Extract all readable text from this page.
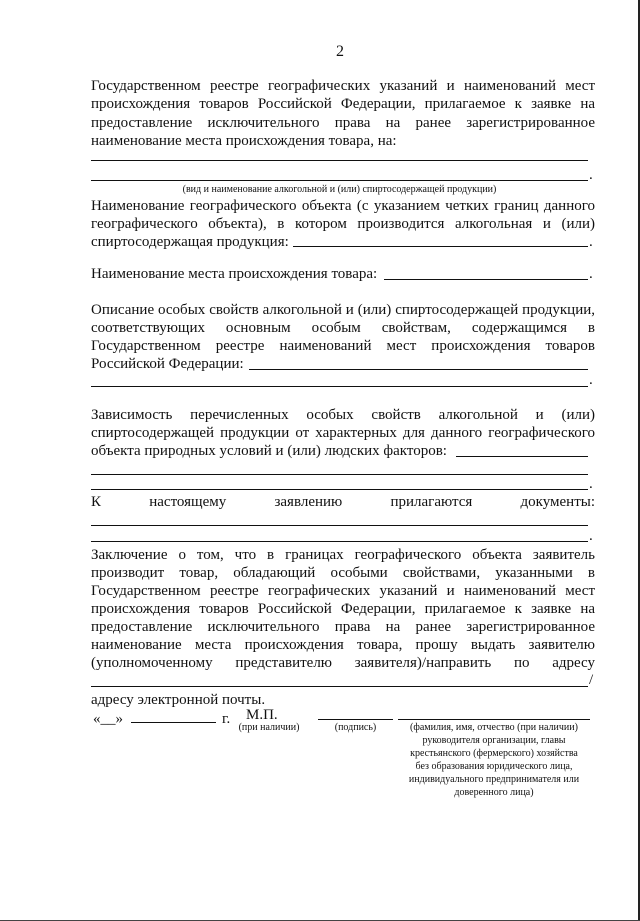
2
Государственном реестре географических указаний и наименований мест
происхождения товаров Российской Федерации, прилагаемое к заявке на
предоставление исключительного права на ранее зарегистрированное
наименование места происхождения товара, на:
.
(вид и наименование алкогольной и (или) спиртосодержащей продукции)
Наименование географического объекта (с указанием четких границ данного
географического объекта), в котором производится алкогольная и (или)
спиртосодержащая продукция:	.
Наименование места происхождения товара:	.
Описание особых свойств алкогольной и (или) спиртосодержащей продукции,
соответствующих основным особым свойствам, содержащимся в
Государственном реестре наименований мест происхождения товаров
Российской Федерации:
.
Зависимость перечисленных особых свойств алкогольной и (или)
спиртосодержащей продукции от характерных для данного географического
объекта природных условий и (или) людских факторов:
.
К настоящему заявлению прилагаются документы:
.
Заключение о том, что в границах географического объекта заявитель
производит товар, обладающий особыми свойствами, указанными в
Государственном реестре географических указаний и наименований мест
происхождения товаров Российской Федерации, прилагаемое к заявке на
предоставление исключительного права на ранее зарегистрированное
наименование места происхождения товара, прошу выдать заявителю
(уполномоченному представителю заявителя)/направить по адресу
/
адресу электронной почты.
«__»	г. М.П.
(при наличии)	(подпись)	(фамилия, имя, отчество (при наличии)
руководителя организации, главы
крестьянского (фермерского) хозяйства
без образования юридического лица,
индивидуального предпринимателя или
доверенного лица)
